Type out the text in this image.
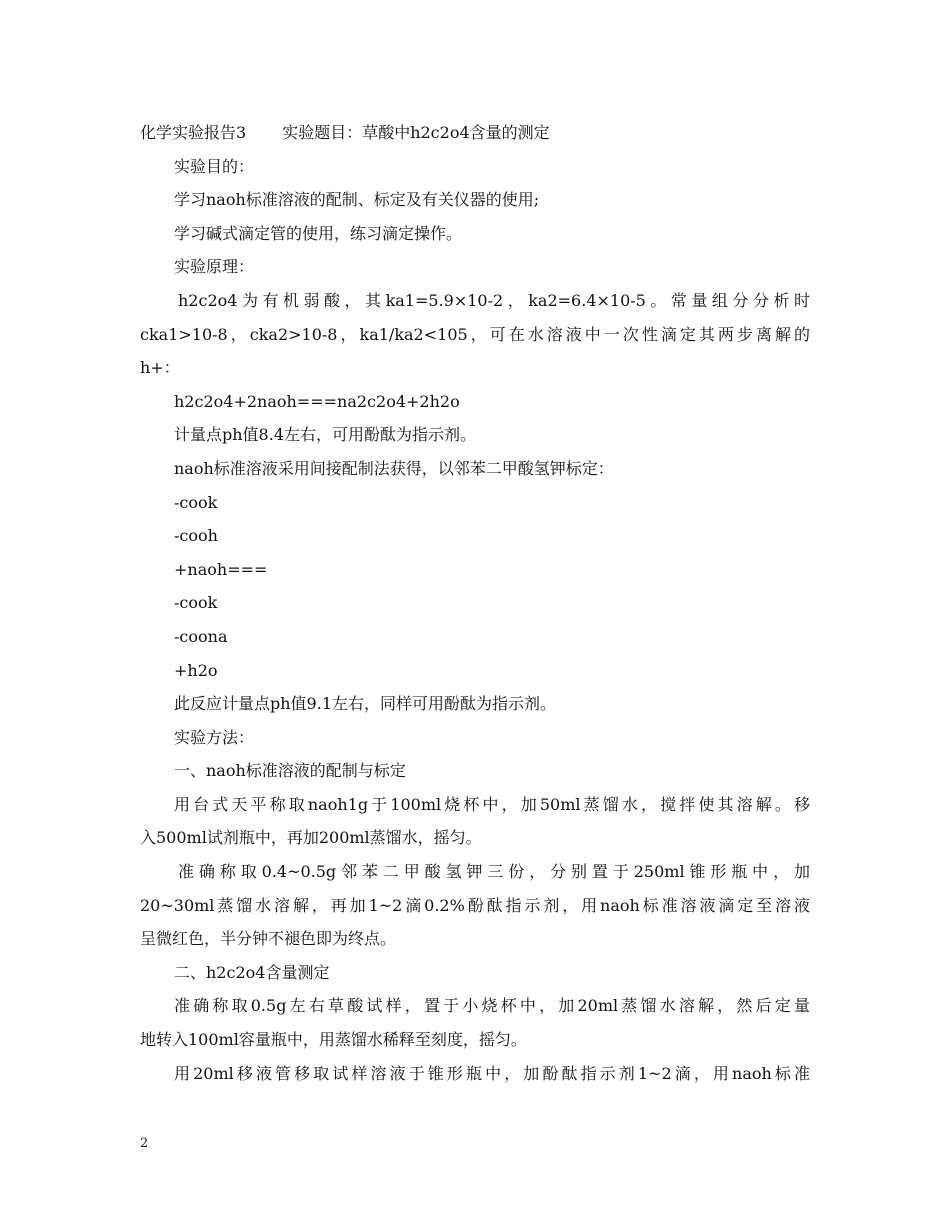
化学实验报告3 实验题目：草酸中h2c2o4含量的测定
实验目的：
学习naoh标准溶液的配制、标定及有关仪器的使用;
学习碱式滴定管的使用，练习滴定操作。
实验原理：
h2c2o4为有机弱酸，其ka1=5.9×10-2，ka2=6.4×10-5。常量组分分析时
cka1>10-8，cka2>10-8，ka1/ka2<105，可在水溶液中一次性滴定其两步离解的
h+：
h2c2o4+2naoh===na2c2o4+2h2o
计量点ph值8.4左右，可用酚酞为指示剂。
naoh标准溶液采用间接配制法获得，以邻苯二甲酸氢钾标定：
-cook
-cooh
+naoh===
-cook
-coona
+h2o
此反应计量点ph值9.1左右，同样可用酚酞为指示剂。
实验方法：
一、naoh标准溶液的配制与标定
用台式天平称取naoh1g于100ml烧杯中，加50ml蒸馏水，搅拌使其溶解。移
入500ml试剂瓶中，再加200ml蒸馏水，摇匀。
准确称取0.4~0.5g邻苯二甲酸氢钾三份，分别置于250ml锥形瓶中，加
20~30ml蒸馏水溶解，再加1~2滴0.2%酚酞指示剂，用naoh标准溶液滴定至溶液
呈微红色，半分钟不褪色即为终点。
二、h2c2o4含量测定
准确称取0.5g左右草酸试样，置于小烧杯中，加20ml蒸馏水溶解，然后定量
地转入100ml容量瓶中，用蒸馏水稀释至刻度，摇匀。
用20ml移液管移取试样溶液于锥形瓶中，加酚酞指示剂1~2滴，用naoh标准
2
